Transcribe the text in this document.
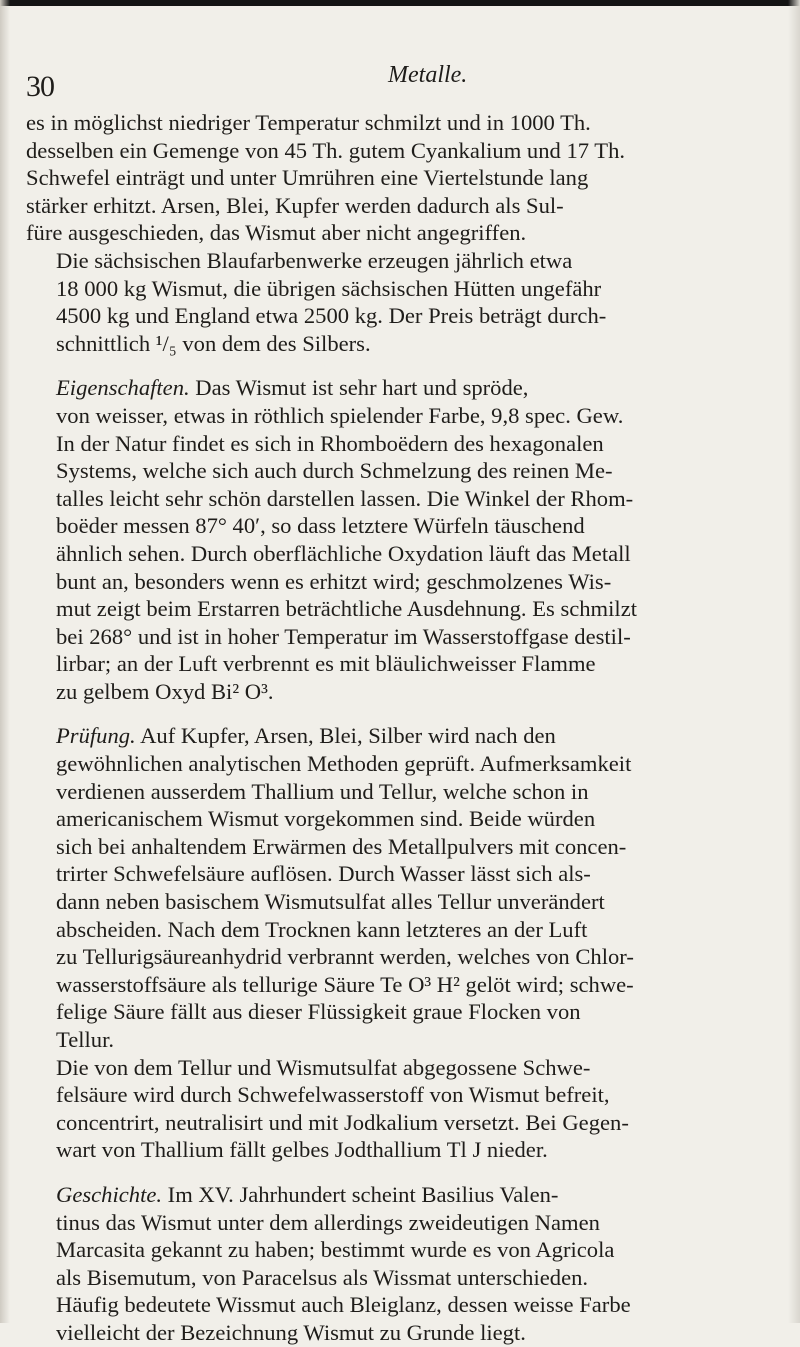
30	Metalle.

es in möglichst niedriger Temperatur schmilzt und in 1000 Th.
desselben ein Gemenge von 45 Th. gutem Cyankalium und 17 Th.
Schwefel einträgt und unter Umrühren eine Viertelstunde lang
stärker erhitzt. Arsen, Blei, Kupfer werden dadurch als Sul-
füre ausgeschieden, das Wismut aber nicht angegriffen.

Die sächsischen Blaufarbenwerke erzeugen jährlich etwa
18 000 kg Wismut, die übrigen sächsischen Hütten ungefähr
4500 kg und England etwa 2500 kg. Der Preis beträgt durch-
schnittlich ¹/₅ von dem des Silbers.

Eigenschaften. Das Wismut ist sehr hart und spröde,
von weisser, etwas in röthlich spielender Farbe, 9,8 spec. Gew.
In der Natur findet es sich in Rhomboëdern des hexagonalen
Systems, welche sich auch durch Schmelzung des reinen Me-
talles leicht sehr schön darstellen lassen. Die Winkel der Rhom-
boëder messen 87° 40′, so dass letztere Würfeln täuschend
ähnlich sehen. Durch oberflächliche Oxydation läuft das Metall
bunt an, besonders wenn es erhitzt wird; geschmolzenes Wis-
mut zeigt beim Erstarren beträchtliche Ausdehnung. Es schmilzt
bei 268° und ist in hoher Temperatur im Wasserstoffgase destil-
lirbar; an der Luft verbrennt es mit bläulichweisser Flamme
zu gelbem Oxyd Bi² O³.

Prüfung. Auf Kupfer, Arsen, Blei, Silber wird nach den
gewöhnlichen analytischen Methoden geprüft. Aufmerksamkeit
verdienen ausserdem Thallium und Tellur, welche schon in
americanischem Wismut vorgekommen sind. Beide würden
sich bei anhaltendem Erwärmen des Metallpulvers mit concen-
trirter Schwefelsäure auflösen. Durch Wasser lässt sich als-
dann neben basischem Wismutsulfat alles Tellur unverändert
abscheiden. Nach dem Trocknen kann letzteres an der Luft
zu Tellurigsäureanhydrid verbrannt werden, welches von Chlor-
wasserstoffsäure als tellurige Säure Te O³ H² gelöt wird; schwe-
felige Säure fällt aus dieser Flüssigkeit graue Flocken von
Tellur.

Die von dem Tellur und Wismutsulfat abgegossene Schwe-
felsäure wird durch Schwefelwasserstoff von Wismut befreit,
concentrirt, neutralisirt und mit Jodkalium versetzt. Bei Gegen-
wart von Thallium fällt gelbes Jodthallium Tl J nieder.

Geschichte. Im XV. Jahrhundert scheint Basilius Valen-
tinus das Wismut unter dem allerdings zweideutigen Namen
Marcasita gekannt zu haben; bestimmt wurde es von Agricola
als Bisemutum, von Paracelsus als Wissmat unterschieden.
Häufig bedeutete Wissmut auch Bleiglanz, dessen weisse Farbe
vielleicht der Bezeichnung Wismut zu Grunde liegt.
